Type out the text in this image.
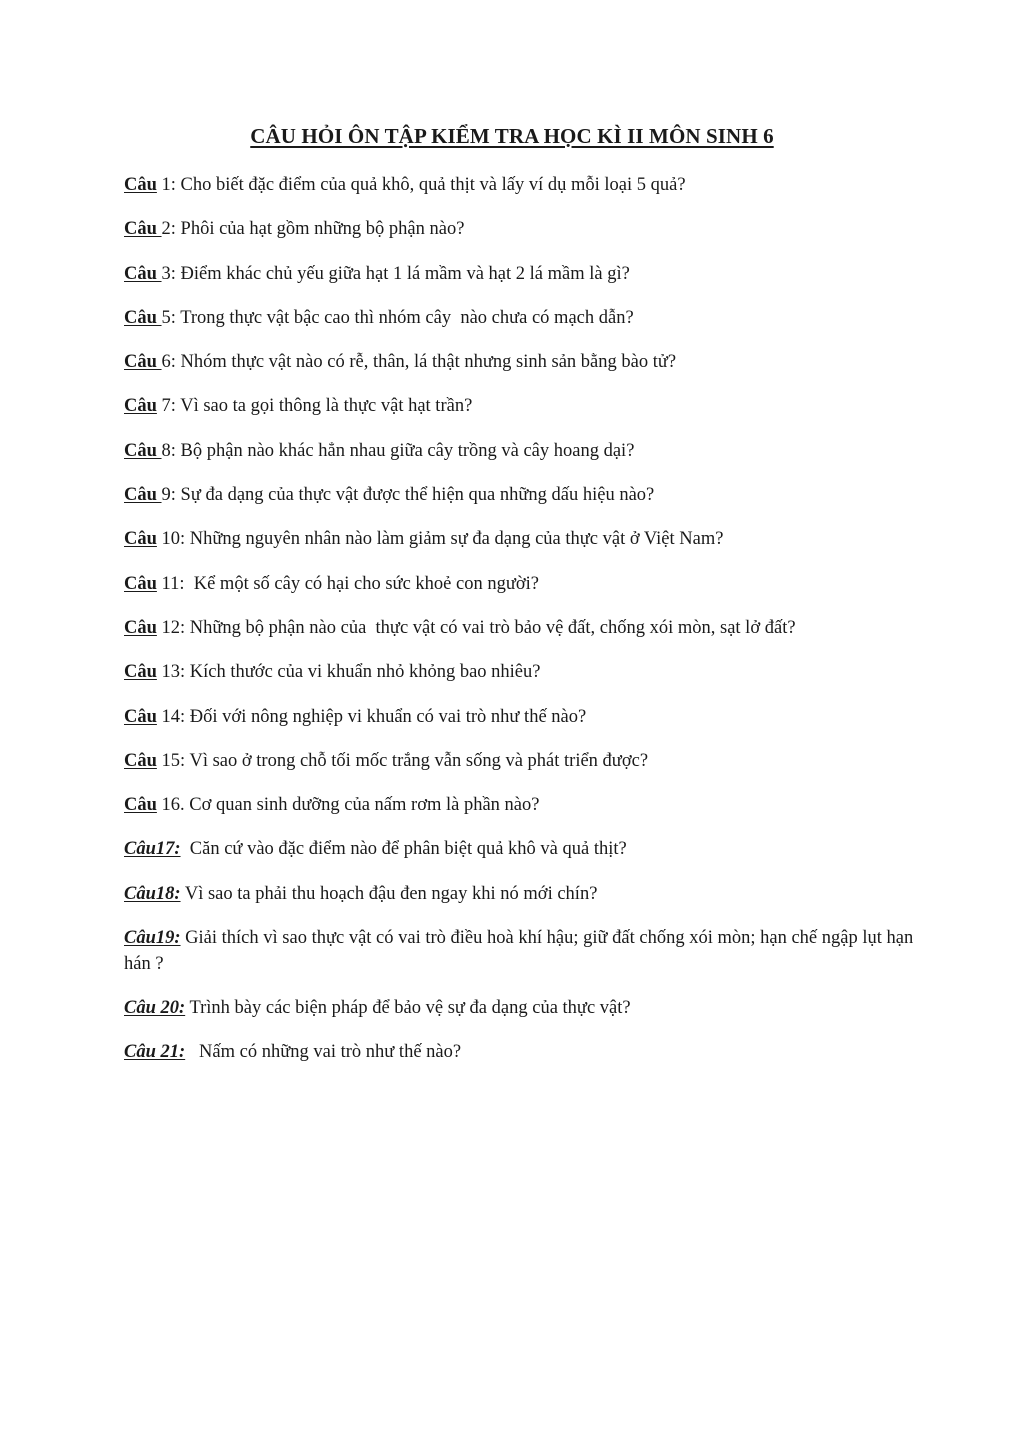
CÂU HỎI ÔN TẬP KIỂM TRA HỌC KÌ II MÔN SINH 6
Câu 1: Cho biết đặc điểm của quả khô, quả thịt và lấy ví dụ mỗi loại 5 quả?
Câu 2: Phôi của hạt gồm những bộ phận nào?
Câu 3: Điểm khác chủ yếu giữa hạt 1 lá mầm và hạt 2 lá mầm là gì?
Câu 5: Trong thực vật bậc cao thì nhóm cây  nào chưa có mạch dẫn?
Câu 6: Nhóm thực vật nào có rễ, thân, lá thật nhưng sinh sản bằng bào tử?
Câu 7: Vì sao ta gọi thông là thực vật hạt trần?
Câu 8: Bộ phận nào khác hẳn nhau giữa cây trồng và cây hoang dại?
Câu 9: Sự đa dạng của thực vật được thể hiện qua những dấu hiệu nào?
Câu 10: Những nguyên nhân nào làm giảm sự đa dạng của thực vật ở Việt Nam?
Câu 11:  Kể một số cây có hại cho sức khoẻ con người?
Câu 12: Những bộ phận nào của  thực vật có vai trò bảo vệ đất, chống xói mòn, sạt lở đất?
Câu 13: Kích thước của vi khuẩn nhỏ khỏng bao nhiêu?
Câu 14: Đối với nông nghiệp vi khuẩn có vai trò như thế nào?
Câu 15: Vì sao ở trong chỗ tối mốc trắng vẫn sống và phát triển được?
Câu 16. Cơ quan sinh dưỡng của nấm rơm là phần nào?
Câu17:  Căn cứ vào đặc điểm nào để phân biệt quả khô và quả thịt?
Câu18: Vì sao ta phải thu hoạch đậu đen ngay khi nó mới chín?
Câu19: Giải thích vì sao thực vật có vai trò điều hoà khí hậu; giữ đất chống xói mòn; hạn chế ngập lụt hạn hán ?
Câu 20: Trình bày các biện pháp để bảo vệ sự đa dạng của thực vật?
Câu 21:   Nấm có những vai trò như thế nào?
